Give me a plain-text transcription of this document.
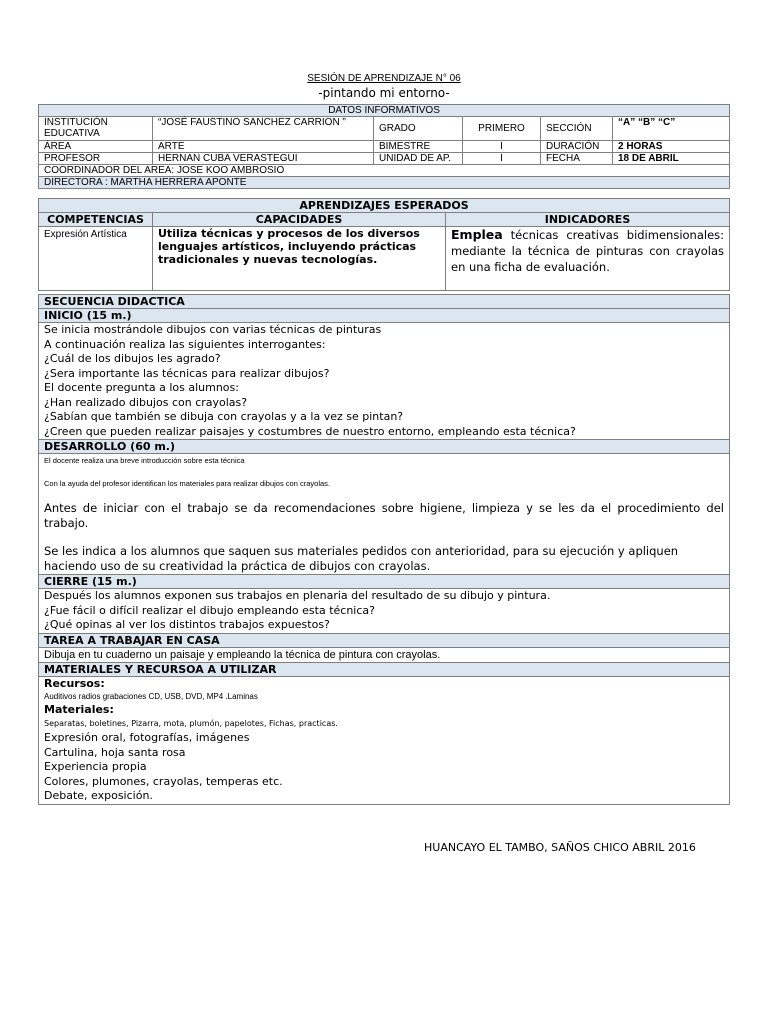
SESIÓN DE APRENDIZAJE N° 06
-pintando mi entorno-
DATOS INFORMATIVOS					
INSTITUCIÓN EDUCATIVA	“JOSÉ FAUSTINO SANCHEZ CARRION ”	GRADO	PRIMERO	SECCIÓN	“A” “B” “C”
ÁREA	ARTE	BIMESTRE	I	DURACIÓN	2 HORAS
PROFESOR	HERNAN CUBA VERASTEGUI	UNIDAD DE AP.	I	FECHA	18 DE ABRIL
COORDINADOR DEL AREA: JOSE KOO AMBROSIO					
DIRECTORA : MARTHA HERRERA APONTE					
APRENDIZAJES ESPERADOS		
COMPETENCIAS	CAPACIDADES	INDICADORES
Expresión Artística	Utiliza técnicas y procesos de los diversos lenguajes artísticos, incluyendo prácticas tradicionales y nuevas tecnologías.	Emplea técnicas creativas bidimensionales: mediante la técnica de pinturas con crayolas en una ficha de evaluación.
SECUENCIA DIDACTICA
INICIO (15 m.)

Se inicia mostrándole dibujos con varias técnicas de pinturas
A continuación realiza las siguientes interrogantes:
¿Cuál de los dibujos les agrado?
¿Sera importante las técnicas para realizar dibujos?
El docente pregunta a los alumnos:
¿Han realizado dibujos con crayolas?
¿Sabían que también se dibuja con crayolas y a la vez se pintan?
¿Creen que pueden realizar paisajes y costumbres de nuestro entorno, empleando esta técnica?

DESARROLLO (60 m.)

El docente realiza una breve introducción sobre esta técnica
Con la ayuda del profesor identifican los materiales para realizar dibujos con crayolas.
Antes de iniciar con el trabajo se da recomendaciones sobre higiene, limpieza y se les da el procedimiento del trabajo.
Se les indica a los alumnos que saquen sus materiales pedidos con anterioridad, para su ejecución y apliquen haciendo uso de su creatividad la práctica de dibujos con crayolas.

CIERRE (15 m.)

Después los alumnos exponen sus trabajos en plenaria del resultado de su dibujo y pintura.
¿Fue fácil o difícil realizar el dibujo empleando esta técnica?
¿Qué opinas al ver los distintos trabajos expuestos?

TAREA A TRABAJAR EN CASA
Dibuja en tu cuaderno un paisaje y empleando la técnica de pintura con crayolas.
MATERIALES Y RECURSOA A UTILIZAR

Recursos:
Auditivos radios grabaciones CD, USB, DVD, MP4 .Laminas
Materiales:
Separatas, boletines, Pizarra, mota, plumón, papelotes, Fichas, practicas.
Expresión oral, fotografías, imágenes
Cartulina, hoja santa rosa
Experiencia propia
Colores, plumones, crayolas, temperas etc.
Debate, exposición.
HUANCAYO EL TAMBO, SAÑOS CHICO ABRIL 2016
